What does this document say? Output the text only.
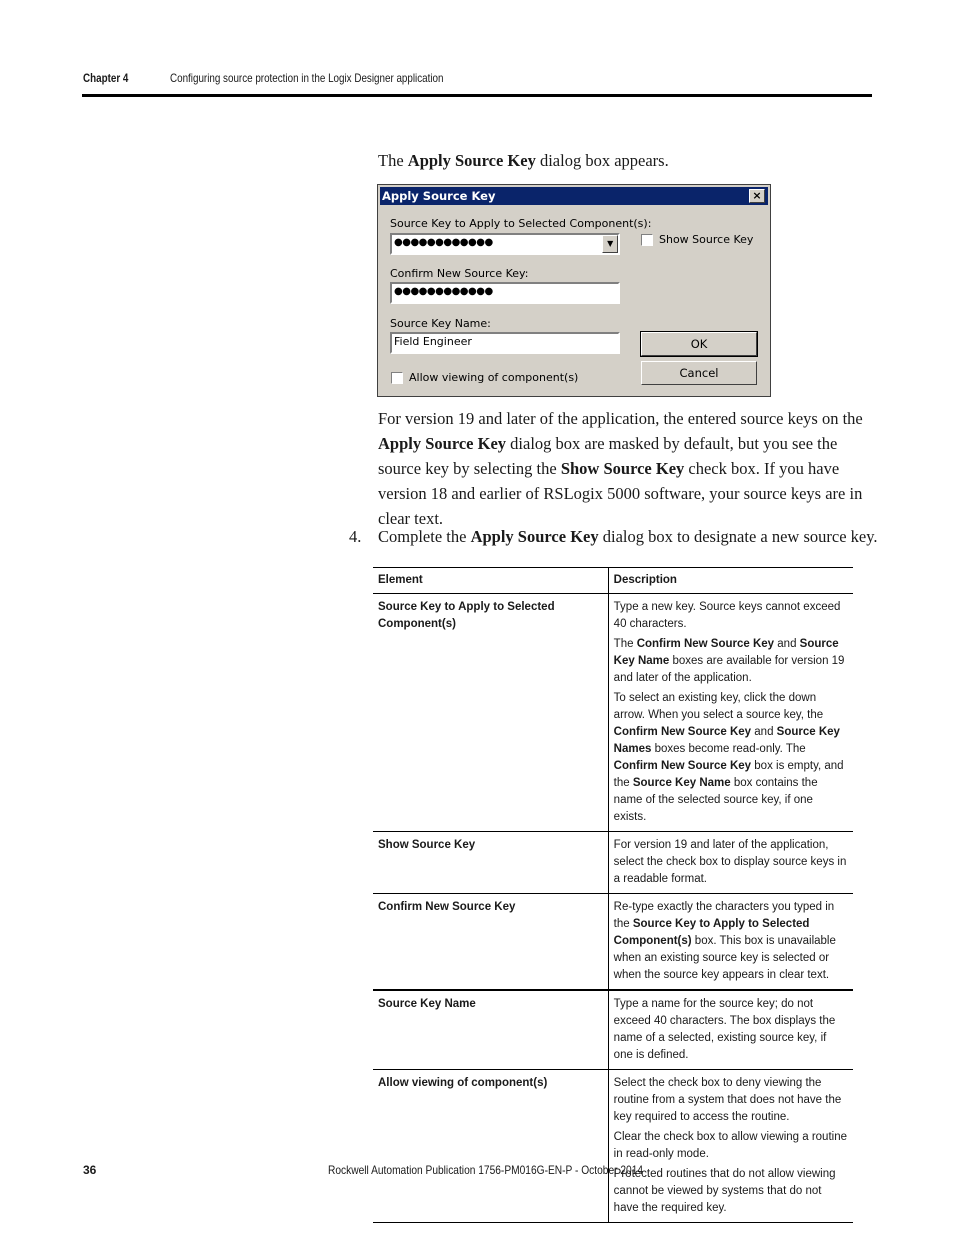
Chapter 4	Configuring source protection in the Logix Designer application
The Apply Source Key dialog box appears.
Apply Source Key	×
Source Key to Apply to Selected Component(s):
●●●●●●●●●●●●	▼
Confirm New Source Key:
●●●●●●●●●●●●
Source Key Name:
Field Engineer
Allow viewing of component(s)
Show Source Key
OK
Cancel
For version 19 and later of the application, the entered source keys on the Apply Source Key dialog box are masked by default, but you see the source key by selecting the Show Source Key check box. If you have version 18 and earlier of RSLogix 5000 software, your source keys are in clear text.
4. Complete the Apply Source Key dialog box to designate a new source key.
Element	Description
Source Key to Apply to Selected Component(s)	Type a new key. Source keys cannot exceed 40 characters.

The Confirm New Source Key and Source Key Name boxes are available for version 19 and later of the application.

To select an existing key, click the down arrow. When you select a source key, the Confirm New Source Key and Source Key Names boxes become read-only. The Confirm New Source Key box is empty, and the Source Key Name box contains the name of the selected source key, if one exists.

Show Source Key	For version 19 and later of the application, select the check box to display source keys in a readable format.

Confirm New Source Key	Re-type exactly the characters you typed in the Source Key to Apply to Selected Component(s) box. This box is unavailable when an existing source key is selected or when the source key appears in clear text.

Source Key Name	Type a name for the source key; do not exceed 40 characters. The box displays the name of a selected, existing source key, if one is defined.

Allow viewing of component(s)	Select the check box to deny viewing the routine from a system that does not have the key required to access the routine.

Clear the check box to allow viewing a routine in read-only mode.

Protected routines that do not allow viewing cannot be viewed by systems that do not have the required key.

36	Rockwell Automation Publication 1756-PM016G-EN-P - October 2014
